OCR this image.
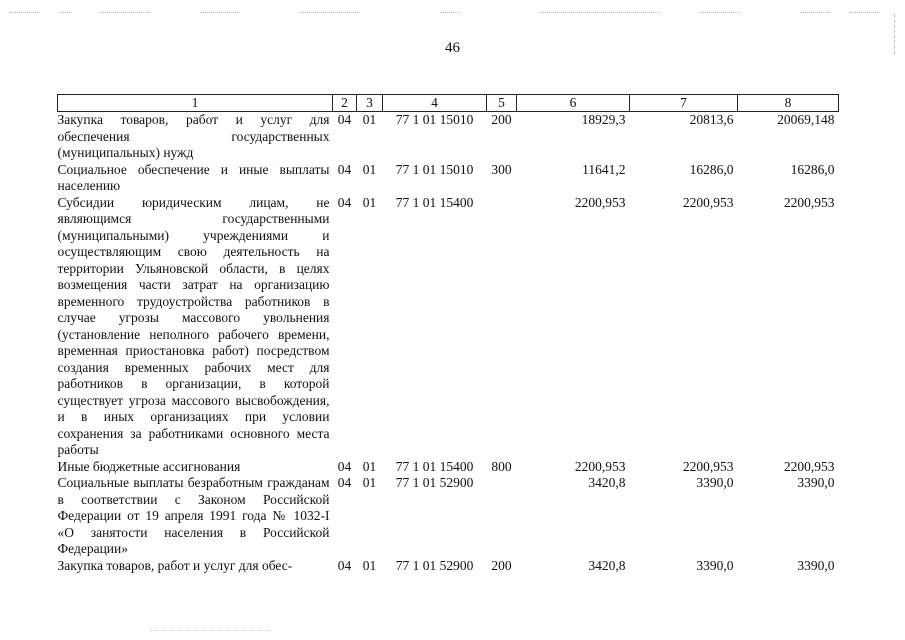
46
1	2	3	4	5	6	7	8
Закупка товаров, работ и услуг для обеспечения государственных (муниципальных) нужд	04	01	77 1 01 15010	200	18929,3	20813,6	20069,148
Социальное обеспечение и иные выплаты населению	04	01	77 1 01 15010	300	11641,2	16286,0	16286,0
Субсидии юридическим лицам, не являющимся государственными (муниципальными) учреждениями и осуществляющим свою деятельность на территории Ульяновской области, в целях возмещения части затрат на организацию временного трудоустройства работников в случае угрозы массового увольнения (установление неполного рабочего времени, временная приостановка работ) посредством создания временных рабочих мест для работников в организации, в которой существует угроза массового высвобождения, и в иных организациях при условии сохранения за работниками основного места работы	04	01	77 1 01 15400		2200,953	2200,953	2200,953
Иные бюджетные ассигнования	04	01	77 1 01 15400	800	2200,953	2200,953	2200,953
Социальные выплаты безработным гражданам в соответствии с Законом Российской Федерации от 19 апреля 1991 года № 1032-I «О занятости населения в Российской Федерации»	04	01	77 1 01 52900		3420,8	3390,0	3390,0
Закупка товаров, работ и услуг для обес-	04	01	77 1 01 52900	200	3420,8	3390,0	3390,0
